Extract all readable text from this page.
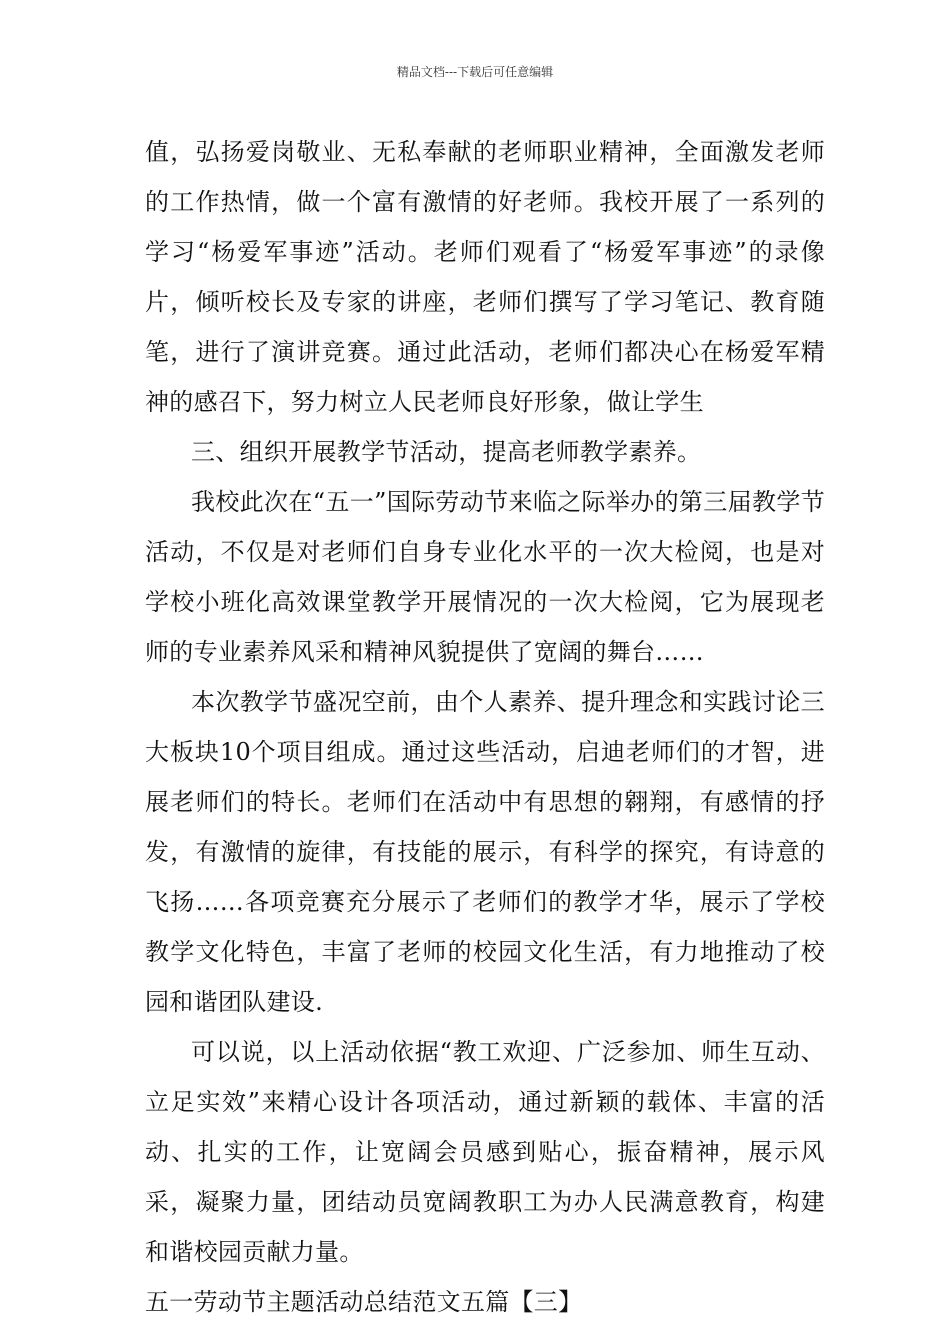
精品文档---下载后可任意编辑

值，弘扬爱岗敬业、无私奉献的老师职业精神，全面激发老师的工作热情，做一个富有激情的好老师。我校开展了一系列的学习“杨爱军事迹”活动。老师们观看了“杨爱军事迹”的录像片，倾听校长及专家的讲座，老师们撰写了学习笔记、教育随笔，进行了演讲竞赛。通过此活动，老师们都决心在杨爱军精神的感召下，努力树立人民老师良好形象，做让学生

三、组织开展教学节活动，提高老师教学素养。

我校此次在“五一”国际劳动节来临之际举办的第三届教学节活动，不仅是对老师们自身专业化水平的一次大检阅，也是对学校小班化高效课堂教学开展情况的一次大检阅，它为展现老师的专业素养风采和精神风貌提供了宽阔的舞台……

本次教学节盛况空前，由个人素养、提升理念和实践讨论三大板块10个项目组成。通过这些活动，启迪老师们的才智，进展老师们的特长。老师们在活动中有思想的翱翔，有感情的抒发，有激情的旋律，有技能的展示，有科学的探究，有诗意的飞扬……各项竞赛充分展示了老师们的教学才华，展示了学校教学文化特色，丰富了老师的校园文化生活，有力地推动了校园和谐团队建设.

可以说，以上活动依据“教工欢迎、广泛参加、师生互动、立足实效”来精心设计各项活动，通过新颖的载体、丰富的活动、扎实的工作，让宽阔会员感到贴心，振奋精神，展示风采，凝聚力量，团结动员宽阔教职工为办人民满意教育，构建和谐校园贡献力量。

五一劳动节主题活动总结范文五篇【三】
